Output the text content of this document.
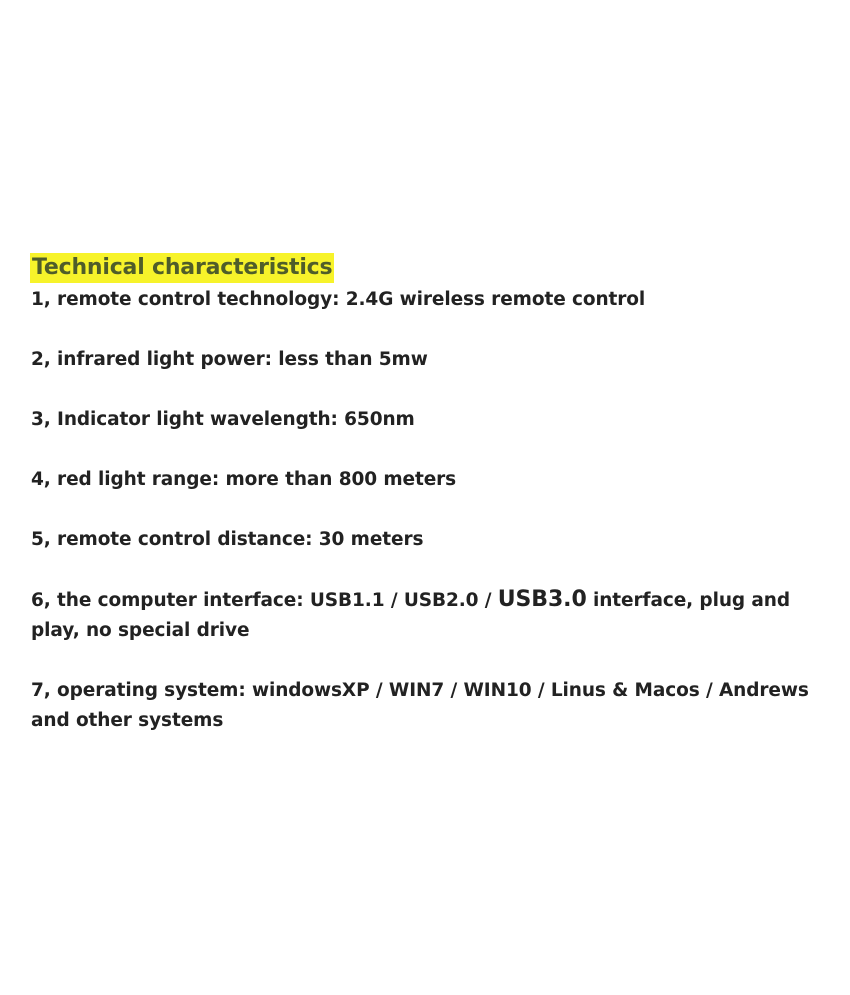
Technical characteristics

1, remote control technology: 2.4G wireless remote control

2, infrared light power: less than 5mw

3, Indicator light wavelength: 650nm

4, red light range: more than 800 meters

5, remote control distance: 30 meters

6, the computer interface: USB1.1 / USB2.0 / USB3.0 interface, plug and play, no special drive

7, operating system: windowsXP / WIN7 / WIN10 / Linus & Macos / Andrews and other systems
